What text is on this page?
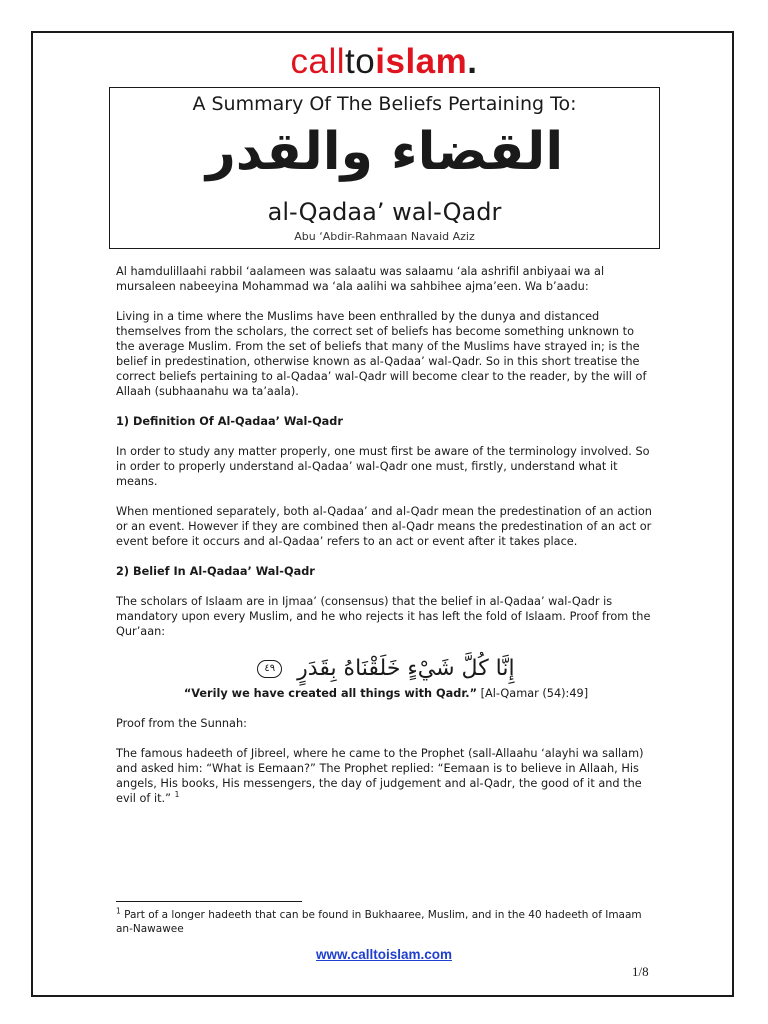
calltoislam.
A Summary Of The Beliefs Pertaining To:
القضاء والقدر
al-Qadaa’ wal-Qadr
Abu ‘Abdir-Rahmaan Navaid Aziz

Al hamdulillaahi rabbil ‘aalameen was salaatu was salaamu ‘ala ashrifil anbiyaai wa al mursaleen nabeeyina Mohammad wa ‘ala aalihi wa sahbihee ajma’een. Wa b’aadu:

Living in a time where the Muslims have been enthralled by the dunya and distanced themselves from the scholars, the correct set of beliefs has become something unknown to the average Muslim. From the set of beliefs that many of the Muslims have strayed in; is the belief in predestination, otherwise known as al-Qadaa’ wal-Qadr. So in this short treatise the correct beliefs pertaining to al-Qadaa’ wal-Qadr will become clear to the reader, by the will of Allaah (subhaanahu wa ta’aala).

1) Definition Of Al-Qadaa’ Wal-Qadr

In order to study any matter properly, one must first be aware of the terminology involved. So in order to properly understand al-Qadaa’ wal-Qadr one must, firstly, understand what it means.

When mentioned separately, both al-Qadaa’ and al-Qadr mean the predestination of an action or an event. However if they are combined then al-Qadr means the predestination of an act or event before it occurs and al-Qadaa’ refers to an act or event after it takes place.

2) Belief In Al-Qadaa’ Wal-Qadr

The scholars of Islaam are in Ijmaa’ (consensus) that the belief in al-Qadaa’ wal-Qadr is mandatory upon every Muslim, and he who rejects it has left the fold of Islaam. Proof from the Qur’aan:

إِنَّا كُلَّ شَيْءٍ خَلَقْنَاهُ بِقَدَرٍ ٤٩
“Verily we have created all things with Qadr.” [Al-Qamar (54):49]

Proof from the Sunnah:

The famous hadeeth of Jibreel, where he came to the Prophet (sall-Allaahu ‘alayhi wa sallam) and asked him: “What is Eemaan?” The Prophet replied: “Eemaan is to believe in Allaah, His angels, His books, His messengers, the day of judgement and al-Qadr, the good of it and the evil of it.” $^1$

$^1$ Part of a longer hadeeth that can be found in Bukhaaree, Muslim, and in the 40 hadeeth of Imaam an-Nawawee
www.calltoislam.com
1/8
